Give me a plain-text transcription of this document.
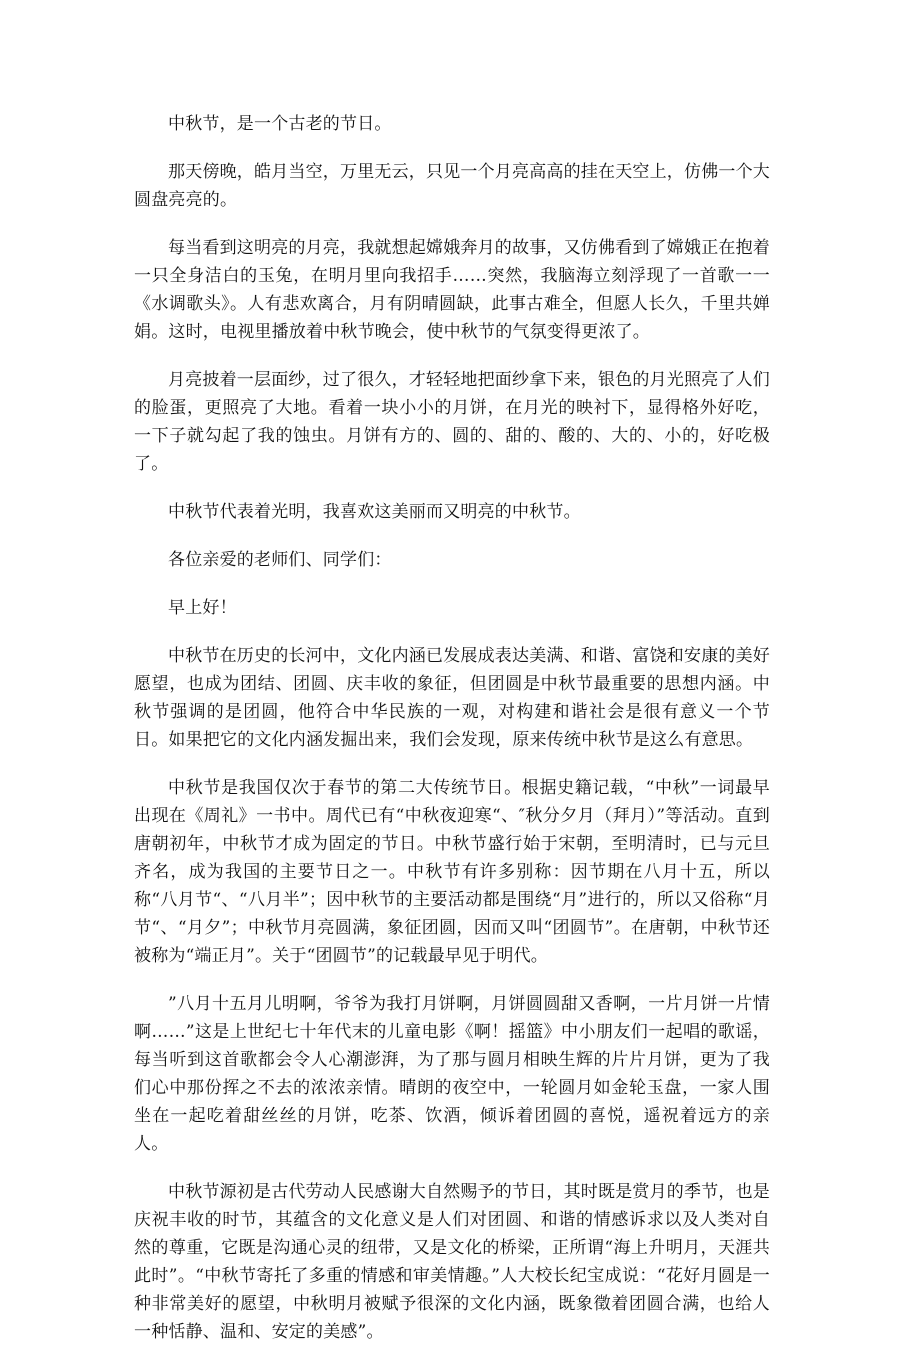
中秋节，是一个古老的节日。

那天傍晚，皓月当空，万里无云，只见一个月亮高高的挂在天空上，仿佛一个大圆盘亮亮的。

每当看到这明亮的月亮，我就想起嫦娥奔月的故事，又仿佛看到了嫦娥正在抱着一只全身洁白的玉兔，在明月里向我招手……突然，我脑海立刻浮现了一首歌一一《水调歌头》。人有悲欢离合，月有阴晴圆缺，此事古难全，但愿人长久，千里共婵娟。这时，电视里播放着中秋节晚会，使中秋节的气氛变得更浓了。

月亮披着一层面纱，过了很久，才轻轻地把面纱拿下来，银色的月光照亮了人们的脸蛋，更照亮了大地。看着一块小小的月饼，在月光的映衬下，显得格外好吃，一下子就勾起了我的蚀虫。月饼有方的、圆的、甜的、酸的、大的、小的，好吃极了。

中秋节代表着光明，我喜欢这美丽而又明亮的中秋节。

各位亲爱的老师们、同学们：

早上好！

中秋节在历史的长河中，文化内涵已发展成表达美满、和谐、富饶和安康的美好愿望，也成为团结、团圆、庆丰收的象征，但团圆是中秋节最重要的思想内涵。中秋节强调的是团圆，他符合中华民族的一观，对构建和谐社会是很有意义一个节日。如果把它的文化内涵发掘出来，我们会发现，原来传统中秋节是这么有意思。

中秋节是我国仅次于春节的第二大传统节日。根据史籍记载，“中秋”一词最早出现在《周礼》一书中。周代已有“中秋夜迎寒“、″秋分夕月（拜月）”等活动。直到唐朝初年，中秋节才成为固定的节日。中秋节盛行始于宋朝，至明清时，已与元旦齐名，成为我国的主要节日之一。中秋节有许多别称：因节期在八月十五，所以称“八月节“、“八月半”；因中秋节的主要活动都是围绕“月”进行的，所以又俗称“月节“、“月夕”；中秋节月亮圆满，象征团圆，因而又叫“团圆节”。在唐朝，中秋节还被称为“端正月”。关于“团圆节”的记载最早见于明代。

”八月十五月儿明啊，爷爷为我打月饼啊，月饼圆圆甜又香啊，一片月饼一片情啊……”这是上世纪七十年代末的儿童电影《啊！摇篮》中小朋友们一起唱的歌谣，每当听到这首歌都会令人心潮澎湃，为了那与圆月相映生辉的片片月饼，更为了我们心中那份挥之不去的浓浓亲情。晴朗的夜空中，一轮圆月如金轮玉盘，一家人围坐在一起吃着甜丝丝的月饼，吃茶、饮酒，倾诉着团圆的喜悦，遥祝着远方的亲人。

中秋节源初是古代劳动人民感谢大自然赐予的节日，其时既是赏月的季节，也是庆祝丰收的时节，其蕴含的文化意义是人们对团圆、和谐的情感诉求以及人类对自然的尊重，它既是沟通心灵的纽带，又是文化的桥梁，正所谓“海上升明月，天涯共此时”。“中秋节寄托了多重的情感和审美情趣。”人大校长纪宝成说：“花好月圆是一种非常美好的愿望，中秋明月被赋予很深的文化内涵，既象徵着团圆合满，也给人一种恬静、温和、安定的美感”。
